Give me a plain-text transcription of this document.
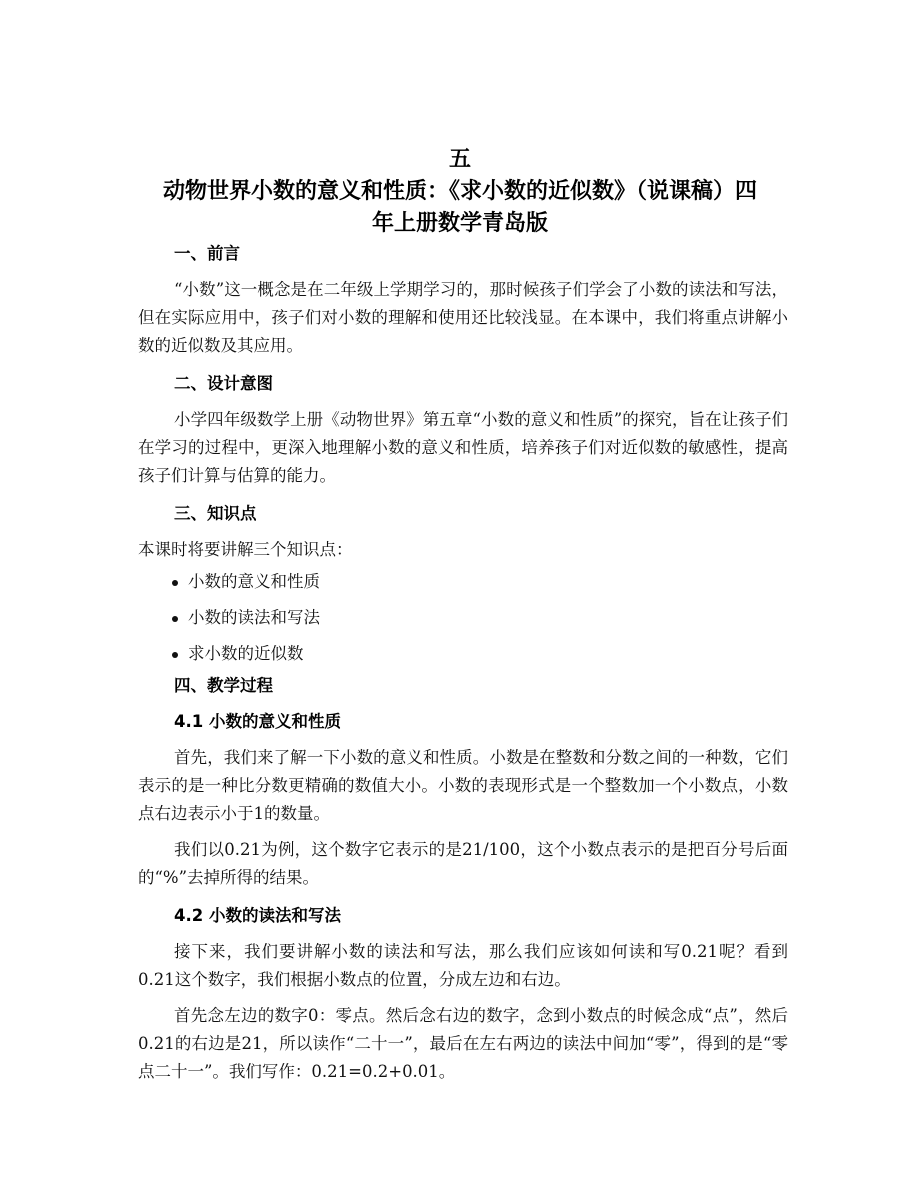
五
动物世界小数的意义和性质：《求小数的近似数》（说课稿）四
年上册数学青岛版
一、前言

“小数”这一概念是在二年级上学期学习的，那时候孩子们学会了小数的读法和写法，但在实际应用中，孩子们对小数的理解和使用还比较浅显。在本课中，我们将重点讲解小数的近似数及其应用。

二、设计意图

小学四年级数学上册《动物世界》第五章“小数的意义和性质”的探究，旨在让孩子们在学习的过程中，更深入地理解小数的意义和性质，培养孩子们对近似数的敏感性，提高孩子们计算与估算的能力。

三、知识点

本课时将要讲解三个知识点：

小数的意义和性质
小数的读法和写法
求小数的近似数
四、教学过程
4.1 小数的意义和性质

首先，我们来了解一下小数的意义和性质。小数是在整数和分数之间的一种数，它们表示的是一种比分数更精确的数值大小。小数的表现形式是一个整数加一个小数点，小数点右边表示小于1的数量。

我们以0.21为例，这个数字它表示的是21/100，这个小数点表示的是把百分号后面的“%”去掉所得的结果。

4.2 小数的读法和写法

接下来，我们要讲解小数的读法和写法，那么我们应该如何读和写0.21呢？看到0.21这个数字，我们根据小数点的位置，分成左边和右边。

首先念左边的数字0：零点。然后念右边的数字，念到小数点的时候念成“点”，然后0.21的右边是21，所以读作“二十一”，最后在左右两边的读法中间加“零”，得到的是“零点二十一”。我们写作：0.21=0.2+0.01。
